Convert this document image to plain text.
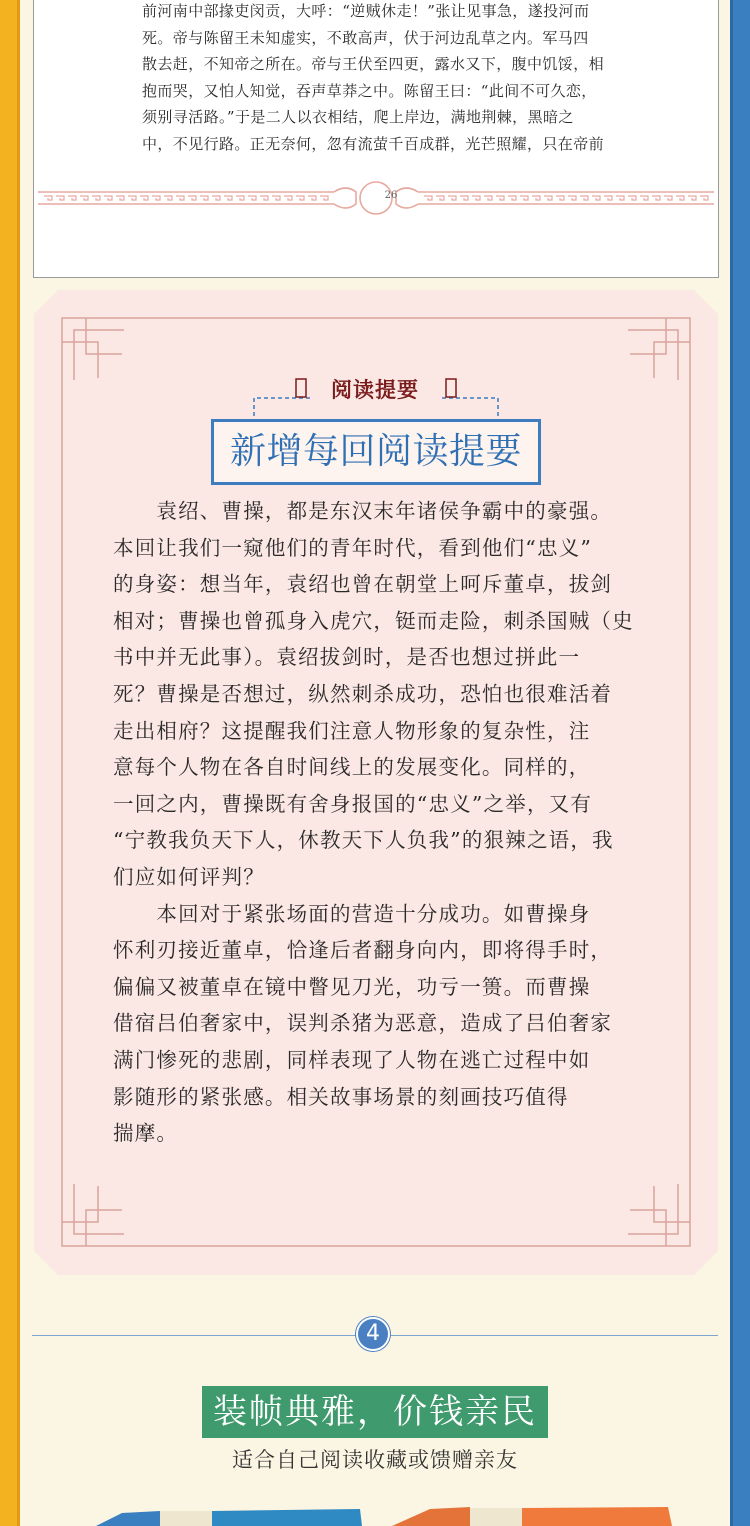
前河南中部掾吏闵贡，大呼：“逆贼休走！”张让见事急，遂投河而
死。帝与陈留王未知虚实，不敢高声，伏于河边乱草之内。军马四
散去赶，不知帝之所在。帝与王伏至四更，露水又下，腹中饥馁，相
抱而哭，又怕人知觉，吞声草莽之中。陈留王曰：“此间不可久恋，
须别寻活路。”于是二人以衣相结，爬上岸边，满地荆棘，黑暗之
中，不见行路。正无奈何，忽有流萤千百成群，光芒照耀，只在帝前
26
阅读提要
新增每回阅读提要
　　袁绍、曹操，都是东汉末年诸侯争霸中的豪强。
本回让我们一窥他们的青年时代，看到他们“忠义”
的身姿：想当年，袁绍也曾在朝堂上呵斥董卓，拔剑
相对；曹操也曾孤身入虎穴，铤而走险，刺杀国贼（史
书中并无此事）。袁绍拔剑时，是否也想过拼此一
死？曹操是否想过，纵然刺杀成功，恐怕也很难活着
走出相府？这提醒我们注意人物形象的复杂性，注
意每个人物在各自时间线上的发展变化。同样的，
一回之内，曹操既有舍身报国的“忠义”之举，又有
“宁教我负天下人，休教天下人负我”的狠辣之语，我
们应如何评判？
　　本回对于紧张场面的营造十分成功。如曹操身
怀利刃接近董卓，恰逢后者翻身向内，即将得手时，
偏偏又被董卓在镜中瞥见刀光，功亏一篑。而曹操
借宿吕伯奢家中，误判杀猪为恶意，造成了吕伯奢家
满门惨死的悲剧，同样表现了人物在逃亡过程中如
影随形的紧张感。相关故事场景的刻画技巧值得
揣摩。
4
装帧典雅，价钱亲民
适合自己阅读收藏或馈赠亲友
